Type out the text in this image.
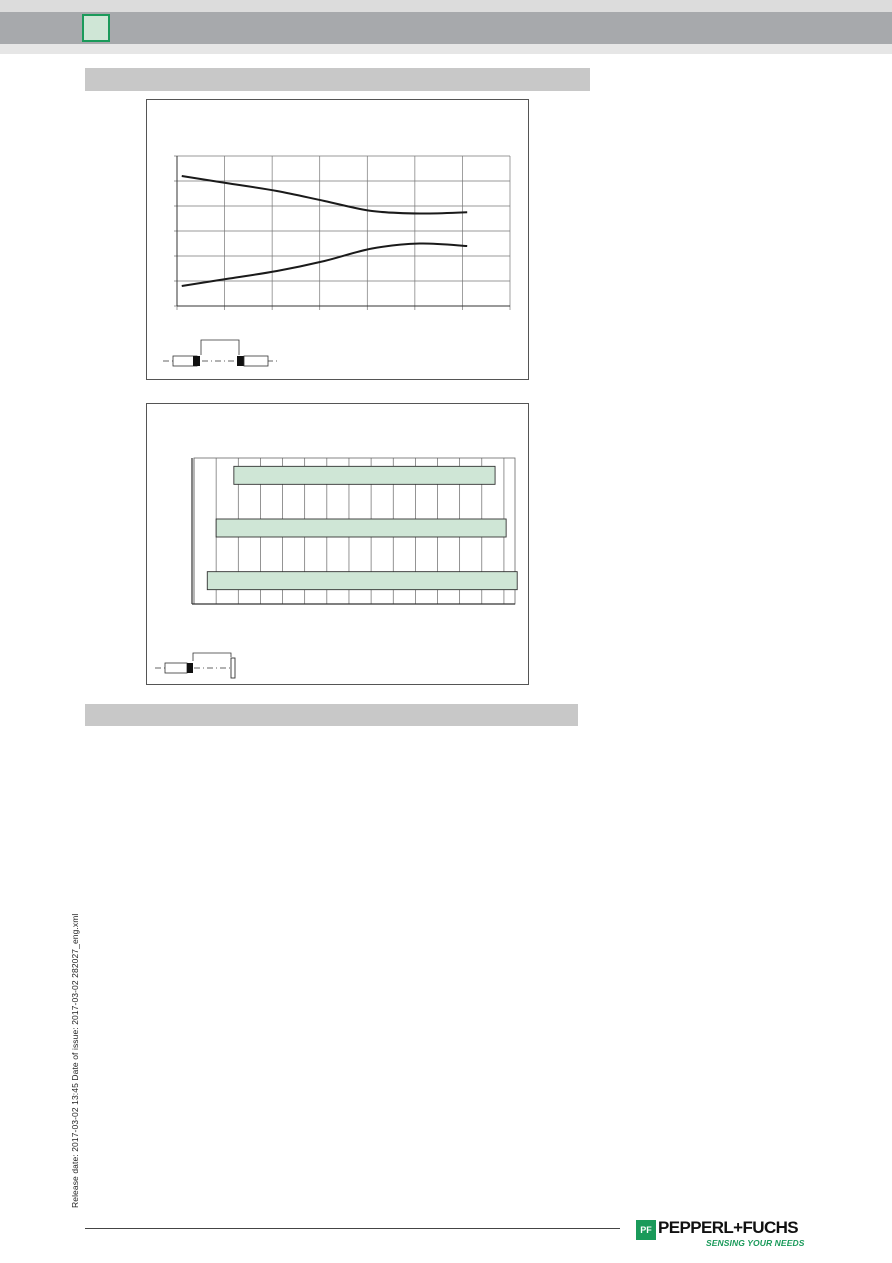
Release date: 2017-03-02 13:45 Date of issue: 2017-03-02 282027_eng.xml
PF PEPPERL+FUCHS
SENSING YOUR NEEDS
